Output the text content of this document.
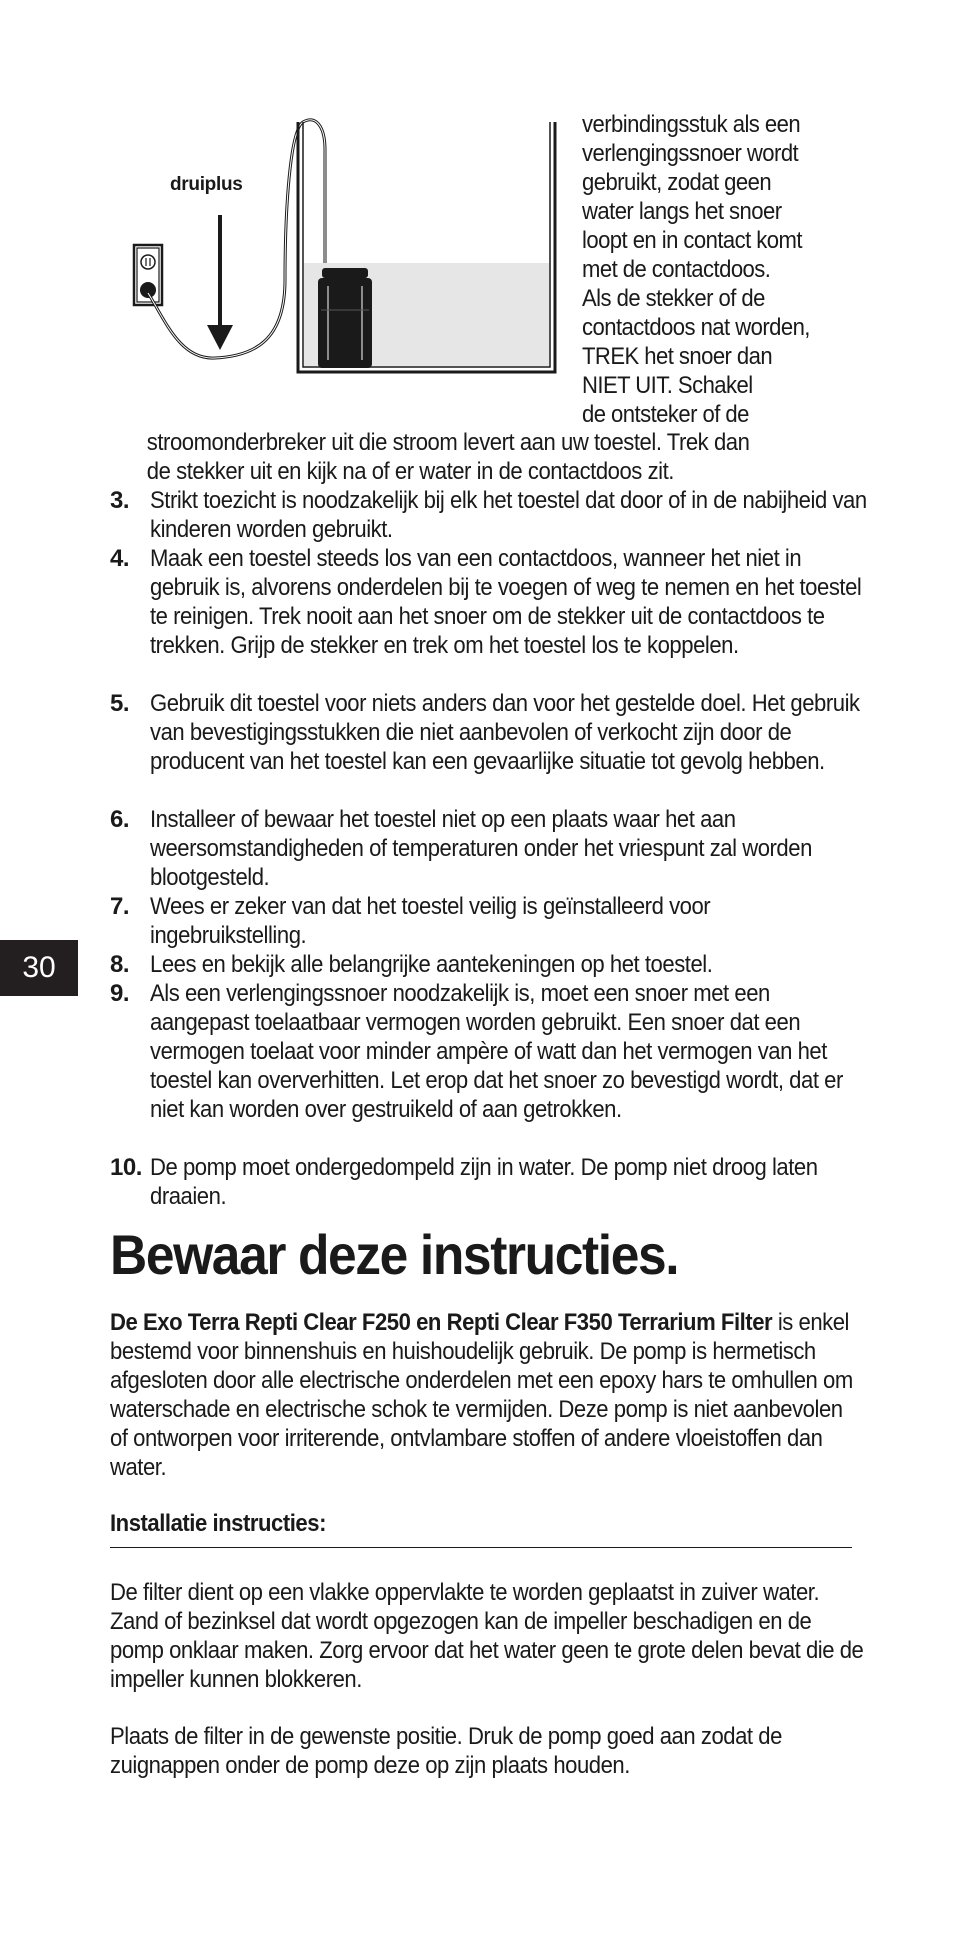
30
druiplus
verbindingsstuk als een
verlengingssnoer wordt
gebruikt, zodat geen
water langs het snoer
loopt en in contact komt
met de contactdoos.
Als de stekker of de
contactdoos nat worden,
TREK het snoer dan
NIET UIT. Schakel
de ontsteker of de
stroomonderbreker uit die stroom levert aan uw toestel. Trek dan
de stekker uit en kijk na of er water in de contactdoos zit.
3. Strikt toezicht is noodzakelijk bij elk het toestel dat door of in de nabijheid van kinderen worden gebruikt.
4. Maak een toestel steeds los van een contactdoos, wanneer het niet in gebruik is, alvorens onderdelen bij te voegen of weg te nemen en het toestel te reinigen. Trek nooit aan het snoer om de stekker uit de contactdoos te trekken. Grijp de stekker en trek om het toestel los te koppelen.
5. Gebruik dit toestel voor niets anders dan voor het gestelde doel. Het gebruik van bevestigingsstukken die niet aanbevolen of verkocht zijn door de producent van het toestel kan een gevaarlijke situatie tot gevolg hebben.
6. Installeer of bewaar het toestel niet op een plaats waar het aan weersomstandigheden of temperaturen onder het vriespunt zal worden blootgesteld.
7. Wees er zeker van dat het toestel veilig is geïnstalleerd voor ingebruikstelling.
8. Lees en bekijk alle belangrijke aantekeningen op het toestel.
9. Als een verlengingssnoer noodzakelijk is, moet een snoer met een aangepast toelaatbaar vermogen worden gebruikt. Een snoer dat een vermogen toelaat voor minder ampère of watt dan het vermogen van het toestel kan oververhitten. Let erop dat het snoer zo bevestigd wordt, dat er niet kan worden over gestruikeld of aan getrokken.
10. De pomp moet ondergedompeld zijn in water. De pomp niet droog laten draaien.
Bewaar deze instructies.
De Exo Terra Repti Clear F250 en Repti Clear F350 Terrarium Filter is enkel bestemd voor binnenshuis en huishoudelijk gebruik. De pomp is hermetisch afgesloten door alle electrische onderdelen met een epoxy hars te omhullen om waterschade en electrische schok te vermijden. Deze pomp is niet aanbevolen of ontworpen voor irriterende, ontvlambare stoffen of andere vloeistoffen dan water.
Installatie instructies:
De filter dient op een vlakke oppervlakte te worden geplaatst in zuiver water. Zand of bezinksel dat wordt opgezogen kan de impeller beschadigen en de pomp onklaar maken. Zorg ervoor dat het water geen te grote delen bevat die de impeller kunnen blokkeren.
Plaats de filter in de gewenste positie. Druk de pomp goed aan zodat de zuignappen onder de pomp deze op zijn plaats houden.
